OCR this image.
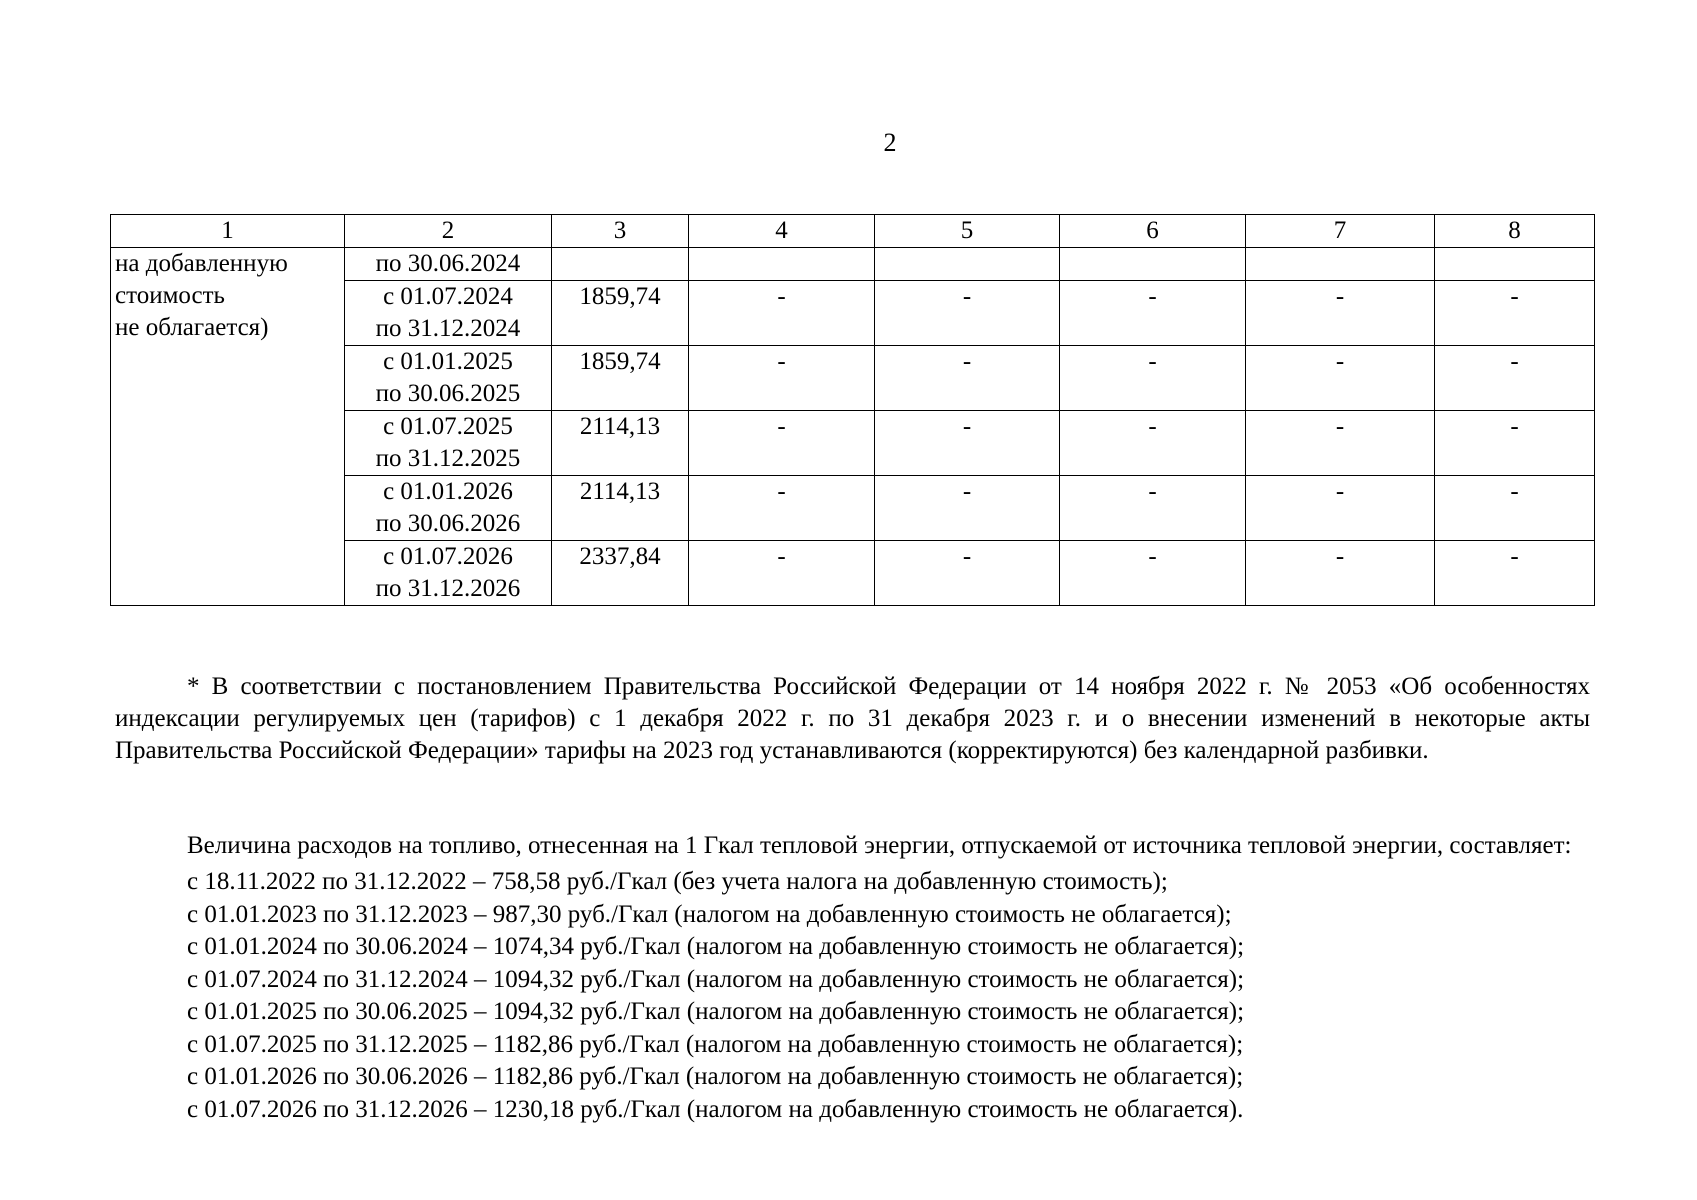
2
1	2	3	4	5	6	7	8

на добавленную
стоимость
не облагается)	по 30.06.2024						

	с 01.07.2024
по 31.12.2024	1859,74	-	-	-	-	-

	с 01.01.2025
по 30.06.2025	1859,74	-	-	-	-	-

	с 01.07.2025
по 31.12.2025	2114,13	-	-	-	-	-

	с 01.01.2026
по 30.06.2026	2114,13	-	-	-	-	-

	с 01.07.2026
по 31.12.2026	2337,84	-	-	-	-	-

* В соответствии с постановлением Правительства Российской Федерации от 14 ноября 2022 г. № 2053 «Об особенностях индексации регулируемых цен (тарифов) с 1 декабря 2022 г. по 31 декабря 2023 г. и о внесении изменений в некоторые акты Правительства Российской Федерации» тарифы на 2023 год устанавливаются (корректируются) без календарной разбивки.

Величина расходов на топливо, отнесенная на 1 Гкал тепловой энергии, отпускаемой от источника тепловой энергии, составляет:

с 18.11.2022 по 31.12.2022 – 758,58 руб./Гкал (без учета налога на добавленную стоимость);
с 01.01.2023 по 31.12.2023 – 987,30 руб./Гкал (налогом на добавленную стоимость не облагается);
с 01.01.2024 по 30.06.2024 – 1074,34 руб./Гкал (налогом на добавленную стоимость не облагается);
с 01.07.2024 по 31.12.2024 – 1094,32 руб./Гкал (налогом на добавленную стоимость не облагается);
с 01.01.2025 по 30.06.2025 – 1094,32 руб./Гкал (налогом на добавленную стоимость не облагается);
с 01.07.2025 по 31.12.2025 – 1182,86 руб./Гкал (налогом на добавленную стоимость не облагается);
с 01.01.2026 по 30.06.2026 – 1182,86 руб./Гкал (налогом на добавленную стоимость не облагается);
с 01.07.2026 по 31.12.2026 – 1230,18 руб./Гкал (налогом на добавленную стоимость не облагается).
